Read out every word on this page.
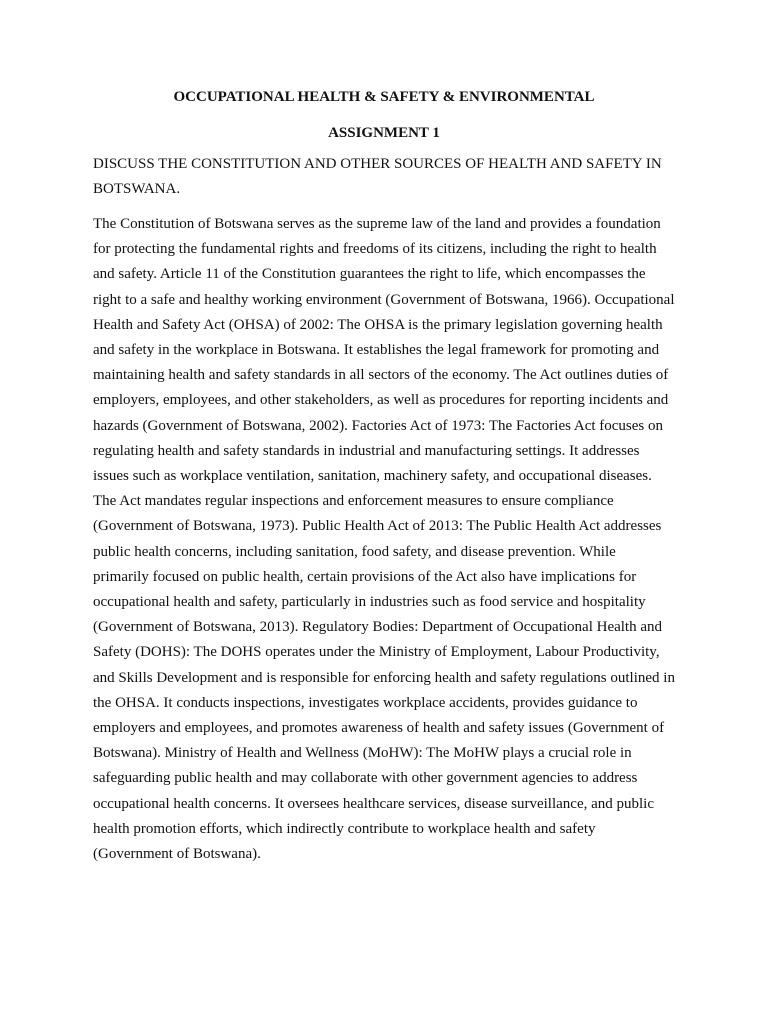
OCCUPATIONAL HEALTH & SAFETY & ENVIRONMENTAL

ASSIGNMENT 1

DISCUSS THE CONSTITUTION AND OTHER SOURCES OF HEALTH AND SAFETY IN BOTSWANA.

The Constitution of Botswana serves as the supreme law of the land and provides a foundation for protecting the fundamental rights and freedoms of its citizens, including the right to health and safety. Article 11 of the Constitution guarantees the right to life, which encompasses the right to a safe and healthy working environment (Government of Botswana, 1966). Occupational Health and Safety Act (OHSA) of 2002: The OHSA is the primary legislation governing health and safety in the workplace in Botswana. It establishes the legal framework for promoting and maintaining health and safety standards in all sectors of the economy. The Act outlines duties of employers, employees, and other stakeholders, as well as procedures for reporting incidents and hazards (Government of Botswana, 2002). Factories Act of 1973: The Factories Act focuses on regulating health and safety standards in industrial and manufacturing settings. It addresses issues such as workplace ventilation, sanitation, machinery safety, and occupational diseases. The Act mandates regular inspections and enforcement measures to ensure compliance (Government of Botswana, 1973). Public Health Act of 2013: The Public Health Act addresses public health concerns, including sanitation, food safety, and disease prevention. While primarily focused on public health, certain provisions of the Act also have implications for occupational health and safety, particularly in industries such as food service and hospitality (Government of Botswana, 2013). Regulatory Bodies: Department of Occupational Health and Safety (DOHS): The DOHS operates under the Ministry of Employment, Labour Productivity, and Skills Development and is responsible for enforcing health and safety regulations outlined in the OHSA. It conducts inspections, investigates workplace accidents, provides guidance to employers and employees, and promotes awareness of health and safety issues (Government of Botswana). Ministry of Health and Wellness (MoHW): The MoHW plays a crucial role in safeguarding public health and may collaborate with other government agencies to address occupational health concerns. It oversees healthcare services, disease surveillance, and public health promotion efforts, which indirectly contribute to workplace health and safety (Government of Botswana).
